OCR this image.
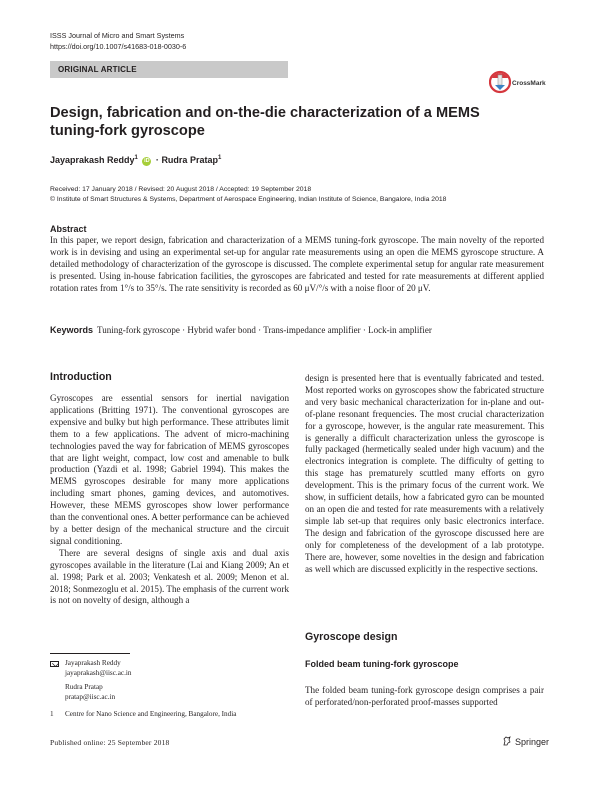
ISSS Journal of Micro and Smart Systems
https://doi.org/10.1007/s41683-018-0030-6
ORIGINAL ARTICLE
CrossMark
Design, fabrication and on-the-die characterization of a MEMS tuning-fork gyroscope
Jayaprakash Reddy$^1$ iD · Rudra Pratap$^1$
Received: 17 January 2018 / Revised: 20 August 2018 / Accepted: 19 September 2018
© Institute of Smart Structures & Systems, Department of Aerospace Engineering, Indian Institute of Science, Bangalore, India 2018
Abstract
In this paper, we report design, fabrication and characterization of a MEMS tuning-fork gyroscope. The main novelty of the reported work is in devising and using an experimental set-up for angular rate measurements using an open die MEMS gyroscope structure. A detailed methodology of characterization of the gyroscope is discussed. The complete experimental setup for angular rate measurement is presented. Using in-house fabrication facilities, the gyroscopes are fabricated and tested for rate measurements at different applied rotation rates from 1°/s to 35°/s. The rate sensitivity is recorded as 60 μV/°/s with a noise floor of 20 μV.
Keywords Tuning-fork gyroscope · Hybrid wafer bond · Trans-impedance amplifier · Lock-in amplifier
Introduction

Gyroscopes are essential sensors for inertial navigation applications (Britting 1971). The conventional gyroscopes are expensive and bulky but high performance. These attributes limit them to a few applications. The advent of micro-machining technologies paved the way for fabrication of MEMS gyroscopes that are light weight, compact, low cost and amenable to bulk production (Yazdi et al. 1998; Gabriel 1994). This makes the MEMS gyroscopes desirable for many more applications including smart phones, gaming devices, and automotives. However, these MEMS gyroscopes show lower performance than the conventional ones. A better performance can be achieved by a better design of the mechanical structure and the circuit signal conditioning.

There are several designs of single axis and dual axis gyroscopes available in the literature (Lai and Kiang 2009; An et al. 1998; Park et al. 2003; Venkatesh et al. 2009; Menon et al. 2018; Sonmezoglu et al. 2015). The emphasis of the current work is not on novelty of design, although a

design is presented here that is eventually fabricated and tested. Most reported works on gyroscopes show the fabricated structure and very basic mechanical characterization for in-plane and out-of-plane resonant frequencies. The most crucial characterization for a gyroscope, however, is the angular rate measurement. This is generally a difficult characterization unless the gyroscope is fully packaged (hermetically sealed under high vacuum) and the electronics integration is complete. The difficulty of getting to this stage has prematurely scuttled many efforts on gyro development. This is the primary focus of the current work. We show, in sufficient details, how a fabricated gyro can be mounted on an open die and tested for rate measurements with a relatively simple lab set-up that requires only basic electronics interface. The design and fabrication of the gyroscope discussed here are only for completeness of the development of a lab prototype. There are, however, some novelties in the design and fabrication as well which are discussed explicitly in the respective sections.

Gyroscope design
Folded beam tuning-fork gyroscope

The folded beam tuning-fork gyroscope design comprises a pair of perforated/non-perforated proof-masses supported

Jayaprakash Reddy
jayaprakash@iisc.ac.in
Rudra Pratap
pratap@iisc.ac.in
1 Centre for Nano Science and Engineering, Bangalore, India
Published online: 25 September 2018	Springer
